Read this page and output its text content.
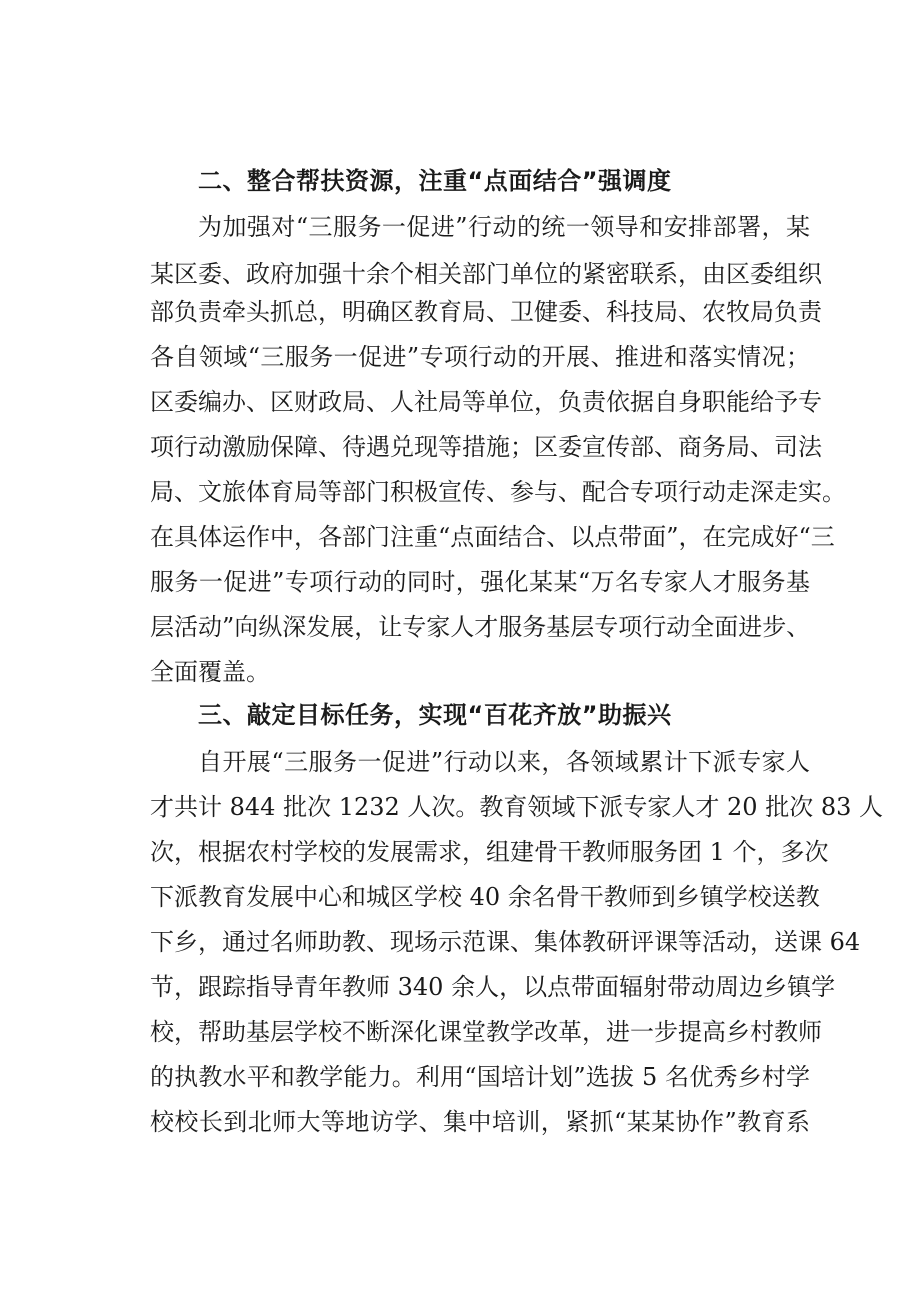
二、整合帮扶资源，注重“点面结合”强调度
为加强对“三服务一促进”行动的统一领导和安排部署，某
某区委、政府加强十余个相关部门单位的紧密联系，由区委组织
部负责牵头抓总，明确区教育局、卫健委、科技局、农牧局负责
各自领域“三服务一促进”专项行动的开展、推进和落实情况；
区委编办、区财政局、人社局等单位，负责依据自身职能给予专
项行动激励保障、待遇兑现等措施；区委宣传部、商务局、司法
局、文旅体育局等部门积极宣传、参与、配合专项行动走深走实。
在具体运作中，各部门注重“点面结合、以点带面”，在完成好“三
服务一促进”专项行动的同时，强化某某“万名专家人才服务基
层活动”向纵深发展，让专家人才服务基层专项行动全面进步、
全面覆盖。
三、敲定目标任务，实现“百花齐放”助振兴
自开展“三服务一促进”行动以来，各领域累计下派专家人
才共计 844 批次 1232 人次。教育领域下派专家人才 20 批次 83 人
次，根据农村学校的发展需求，组建骨干教师服务团 1 个，多次
下派教育发展中心和城区学校 40 余名骨干教师到乡镇学校送教
下乡，通过名师助教、现场示范课、集体教研评课等活动，送课 64
节，跟踪指导青年教师 340 余人，以点带面辐射带动周边乡镇学
校，帮助基层学校不断深化课堂教学改革，进一步提高乡村教师
的执教水平和教学能力。利用“国培计划”选拔 5 名优秀乡村学
校校长到北师大等地访学、集中培训，紧抓“某某协作”教育系
